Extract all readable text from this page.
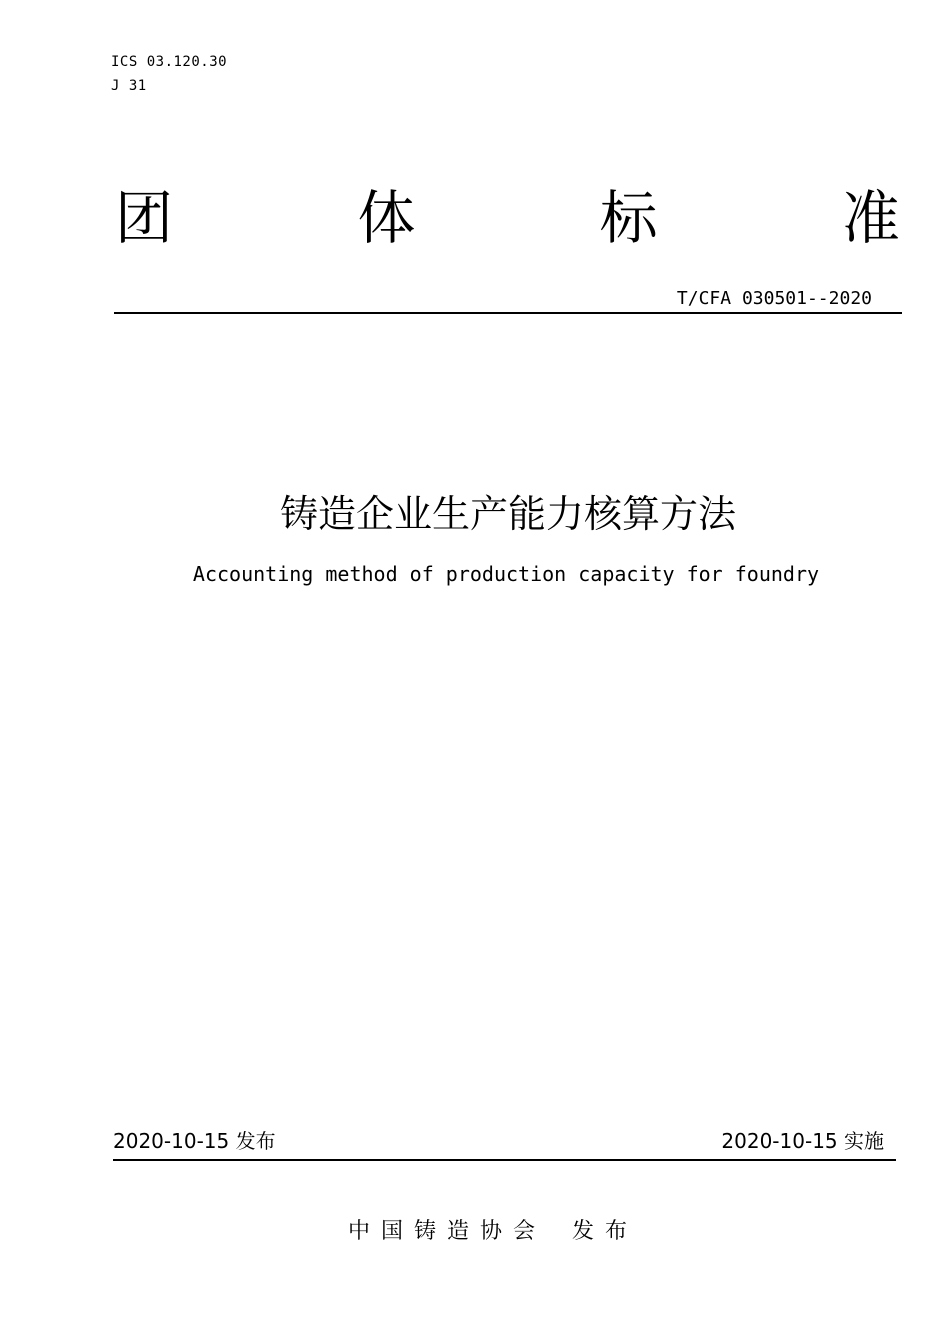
ICS 03.120.30
J 31
团	体	标	准
T/CFA 030501--2020
铸造企业生产能力核算方法
Accounting method of production capacity for foundry
2020-10-15 发布	2020-10-15 实施
中国铸造协会 发布
